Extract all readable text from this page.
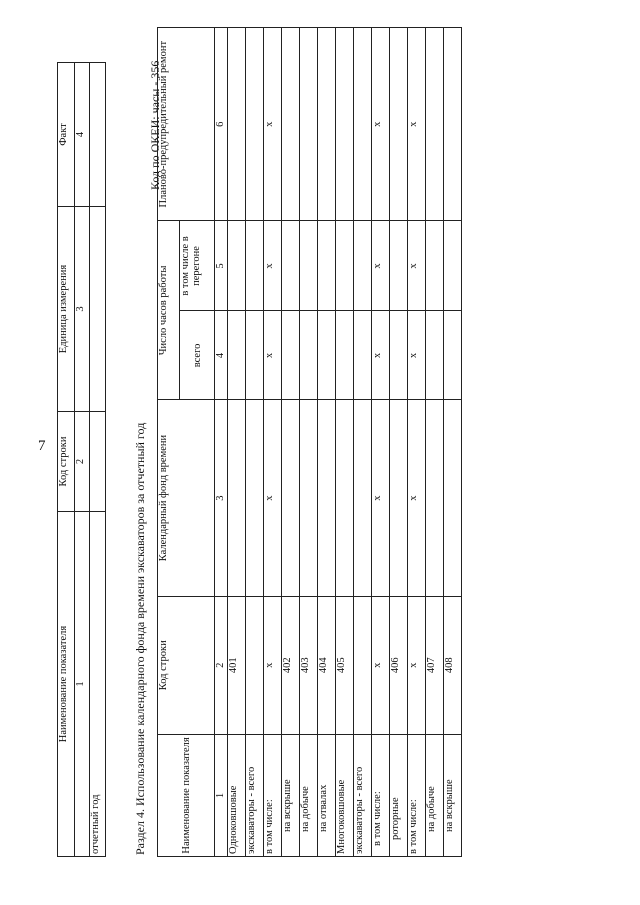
7
Наименование показателя	Код строки	Единица измерения	Факт
1	2	3	4
отчетный год				Раздел 4. Использование календарного фонда времени экскаваторов за отчетный год
Код по ОКЕИ: часы - 356
Наименование показателя	Код строки	Календарный фонд времени	Число часов работы		Планово-предупредительный ремонт
			всего	в том числе в перегоне	
1	2	3	4	5	6
Одноковшовые	401				
экскаваторы - всего					
в том числе:	x	x	x	x	x
на вскрыше	402				
на добыче	403				
на отвалах	404				
Многоковшовые	405				
экскаваторы - всего					
в том числе:	x	x	x	x	x
роторные	406				
в том числе:	x	x	x	x	x
на добыче	407				
на вскрыше	408				
